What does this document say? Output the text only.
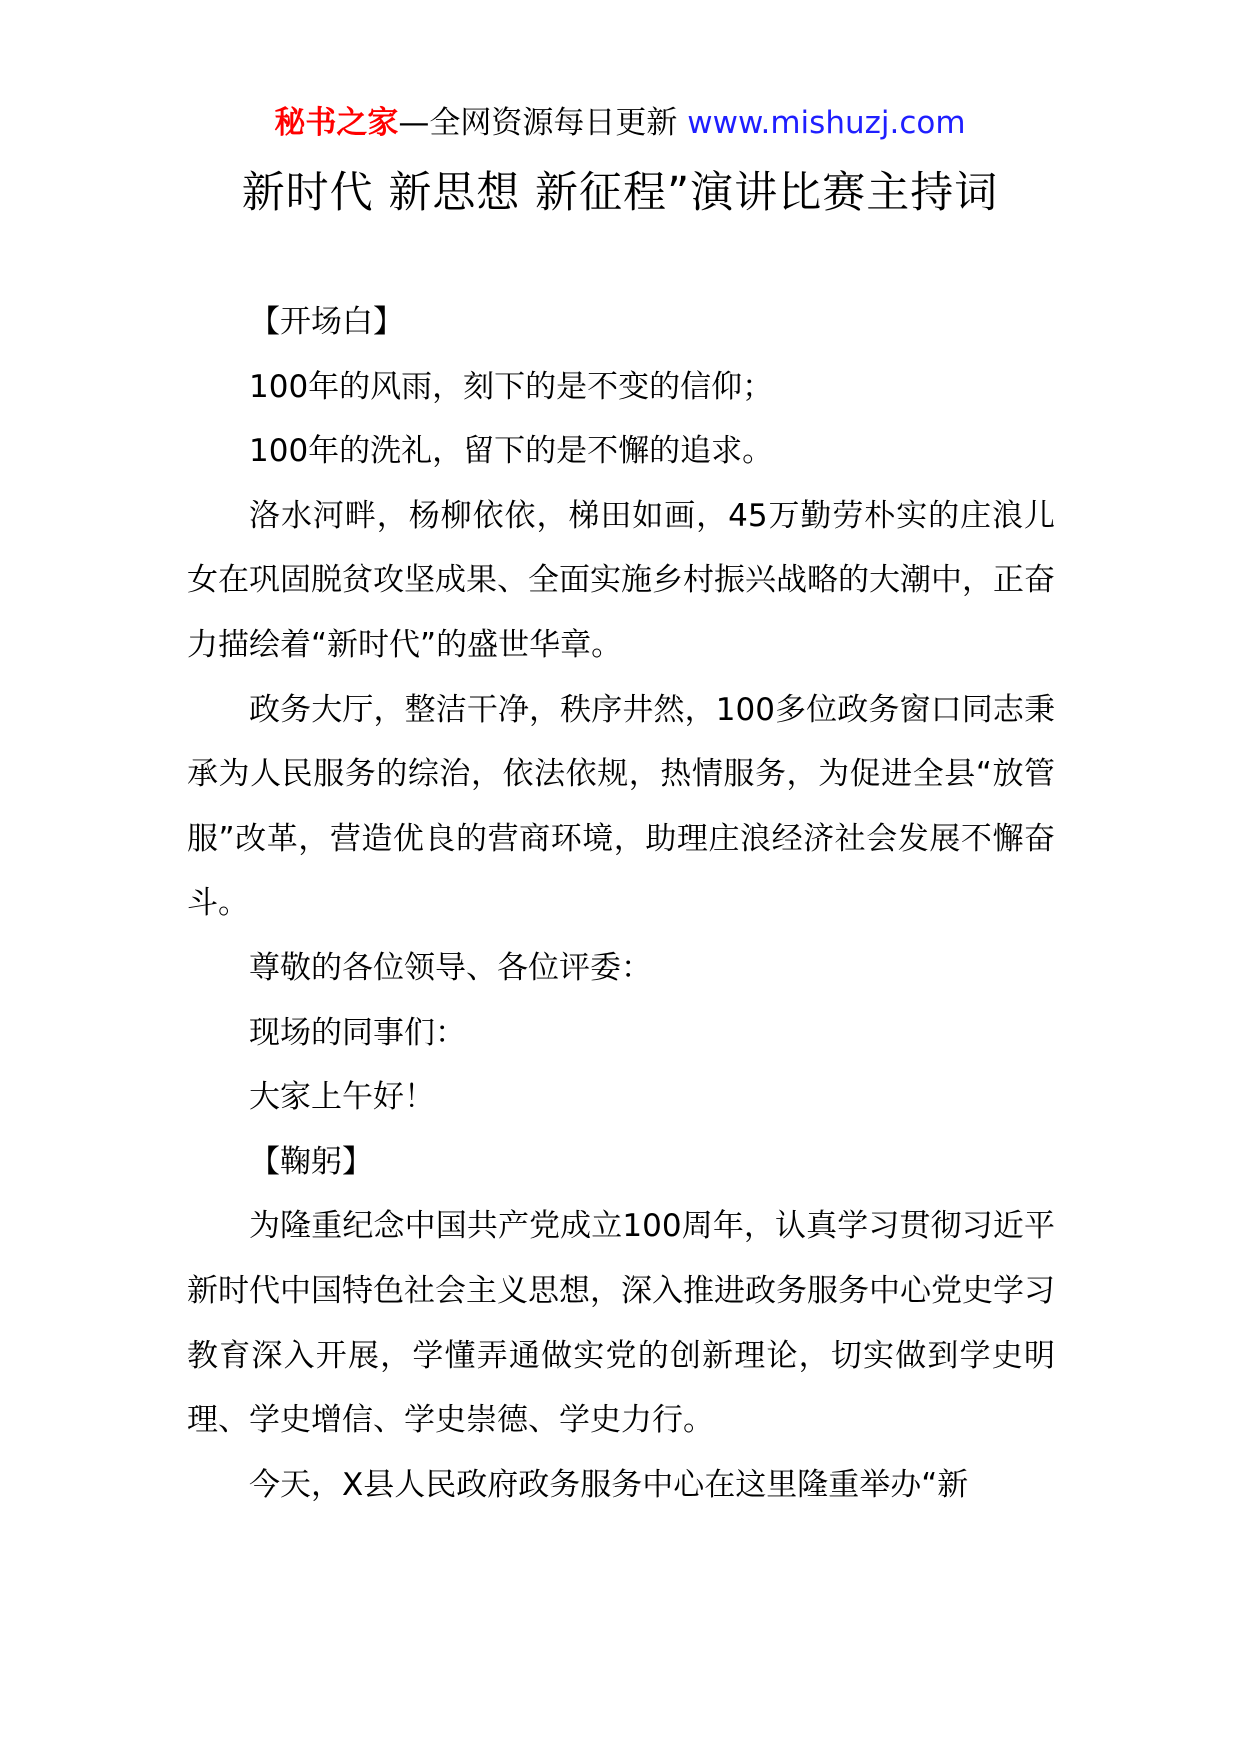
秘书之家—全网资源每日更新 www.mishuzj.com
新时代 新思想 新征程”演讲比赛主持词

【开场白】

100年的风雨，刻下的是不变的信仰；

100年的洗礼，留下的是不懈的追求。

洛水河畔，杨柳依依，梯田如画，45万勤劳朴实的庄浪儿女在巩固脱贫攻坚成果、全面实施乡村振兴战略的大潮中，正奋力描绘着“新时代”的盛世华章。

政务大厅，整洁干净，秩序井然，100多位政务窗口同志秉承为人民服务的综治，依法依规，热情服务，为促进全县“放管服”改革，营造优良的营商环境，助理庄浪经济社会发展不懈奋斗。

尊敬的各位领导、各位评委：

现场的同事们：

大家上午好！

【鞠躬】

为隆重纪念中国共产党成立100周年，认真学习贯彻习近平新时代中国特色社会主义思想，深入推进政务服务中心党史学习教育深入开展，学懂弄通做实党的创新理论，切实做到学史明理、学史增信、学史崇德、学史力行。

今天，X县人民政府政务服务中心在这里隆重举办“新
